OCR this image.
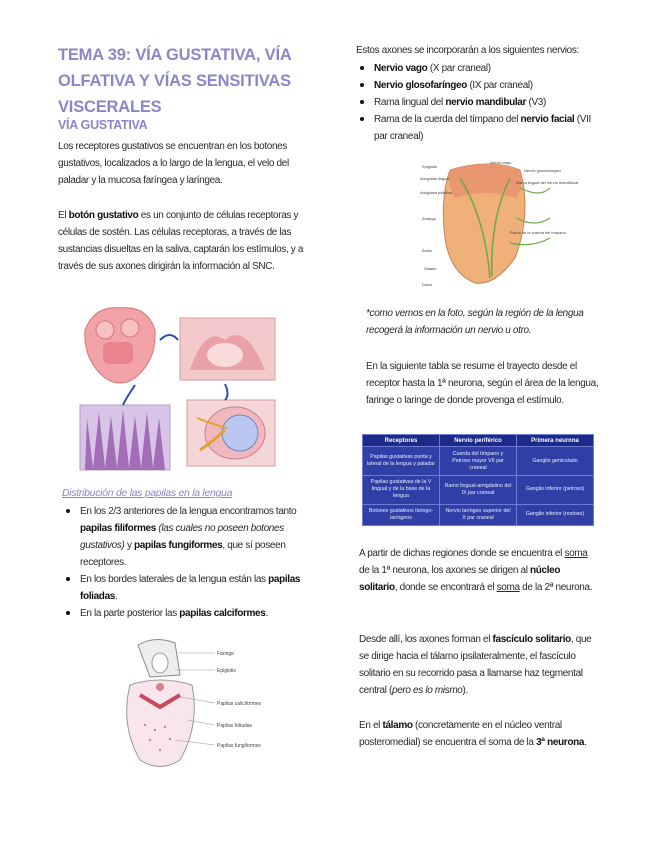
TEMA 39: VÍA GUSTATIVA, VÍA OLFATIVA Y VÍAS SENSITIVAS VISCERALES
VÍA GUSTATIVA
Los receptores gustativos se encuentran en los botones gustativos, localizados a lo largo de la lengua, el velo del paladar y la mucosa faríngea y laríngea.
El botón gustativo es un conjunto de células receptoras y células de sostén. Las células receptoras, a través de las sustancias disueltas en la saliva, captarán los estímulos, y a través de sus axones dirigirán la información al SNC.
Distribución de las papilas en la lengua
En los 2/3 anteriores de la lengua encontramos tanto papilas filiformes (las cuales no poseen botones gustativos) y papilas fungiformes, que sí poseen receptores.
En los bordes laterales de la lengua están las papilas foliadas.
En la parte posterior las papilas calciformes.
Faringe
Epiglotis
Papilas caliciformes
Papilas foliadas
Papilas fungiformes
Estos axones se incorporarán a los siguientes nervios:
Nervio vago (X par craneal)
Nervio glosofaríngeo (IX par craneal)
Rama lingual del nervio mandibular (V3)
Rama de la cuerda del tímpano del nervio facial (VII par craneal)
Epiglotis
Nervio vago
Amígdala lingual
Nervio glosofaríngeo
Amígdala palatina
Rama lingual del nervio mandibular
Amargo
Ácido
Salado
Dulce
Rama de la cuerda del tímpano
*como vemos en la foto, según la región de la lengua recogerá la información un nervio u otro.
En la siguiente tabla se resume el trayecto desde el receptor hasta la 1ª neurona, según el área de la lengua, faringe o laringe de donde provenga el estímulo.
Receptores	Nervio periférico	Primera neurona
Papilas gustativas punta y lateral de la lengua y paladar	Cuerda del tímpano y Petroso mayor VII par craneal	Ganglio geniculado
Papilas gustativas de la V lingual y de la base de la lengua	Ramo lingual-amigdalino del IX par craneal	Ganglio inferior (petroso)
Botones gustativos faringo-laríngeos	Nervio laríngeo superior del X par craneal	Ganglio inferior (nodoso)
A partir de dichas regiones donde se encuentra el soma de la 1ª neurona, los axones se dirigen al núcleo solitario, donde se encontrará el soma de la 2ª neurona.
Desde allí, los axones forman el fascículo solitario, que se dirige hacia el tálamo ipsilateralmente, el fascículo solitario en su recorrido pasa a llamarse haz tegmental central (pero es lo mismo).
En el tálamo (concretamente en el núcleo ventral posteromedial) se encuentra el soma de la 3ª neurona.
